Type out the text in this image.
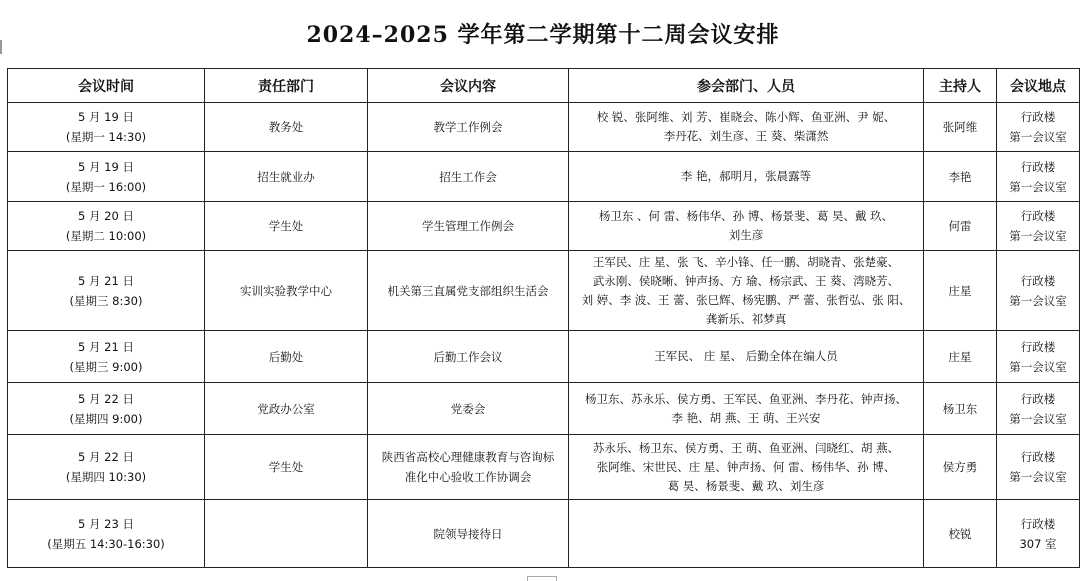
2024–2025 学年第二学期第十二周会议安排
会议时间	责任部门	会议内容	参会部门、人员	主持人	会议地点

5 月 19 日
(星期一 14:30)	教务处	教学工作例会	校 锐、张阿维、刘 芳、崔晓会、陈小辉、鱼亚洲、尹 妮、
李丹花、刘生彦、王 葵、柴潇然	张阿维	行政楼
第一会议室

5 月 19 日
(星期一 16:00)	招生就业办	招生工作会	李 艳，郝明月，张晨露等	李艳	行政楼
第一会议室

5 月 20 日
(星期二 10:00)	学生处	学生管理工作例会	杨卫东 、何 雷、杨伟华、孙 博、杨景斐、葛 昊、戴 玖、
刘生彦	何雷	行政楼
第一会议室

5 月 21 日
(星期三 8:30)	实训实验教学中心	机关第三直属党支部组织生活会	王军民、庄 星、张 飞、辛小锋、任一鹏、胡晓青、张楚豪、
武永刚、侯晓晰、钟声扬、方 瑜、杨宗武、王 葵、湾晓芳、
刘 婷、李 波、王 蕾、张巳辉、杨宪鹏、严 蕾、张哲弘、张 阳、
龚新乐、祁梦真	庄星	行政楼
第一会议室

5 月 21 日
(星期三 9:00)	后勤处	后勤工作会议	王军民、 庄 星、 后勤全体在编人员	庄星	行政楼
第一会议室

5 月 22 日
(星期四 9:00)	党政办公室	党委会	杨卫东、苏永乐、侯方勇、王军民、鱼亚洲、李丹花、钟声扬、
李 艳、胡 燕、王 萌、王兴安	杨卫东	行政楼
第一会议室

5 月 22 日
(星期四 10:30)	学生处	陕西省高校心理健康教育与咨询标
准化中心验收工作协调会	苏永乐、杨卫东、侯方勇、王 萌、鱼亚洲、闫晓红、胡 燕、
张阿维、宋世民、庄 星、钟声扬、何 雷、杨伟华、孙 博、
葛 昊、杨景斐、戴 玖、刘生彦	侯方勇	行政楼
第一会议室

5 月 23 日
(星期五 14:30-16:30)		院领导接待日		校锐	行政楼
307 室
